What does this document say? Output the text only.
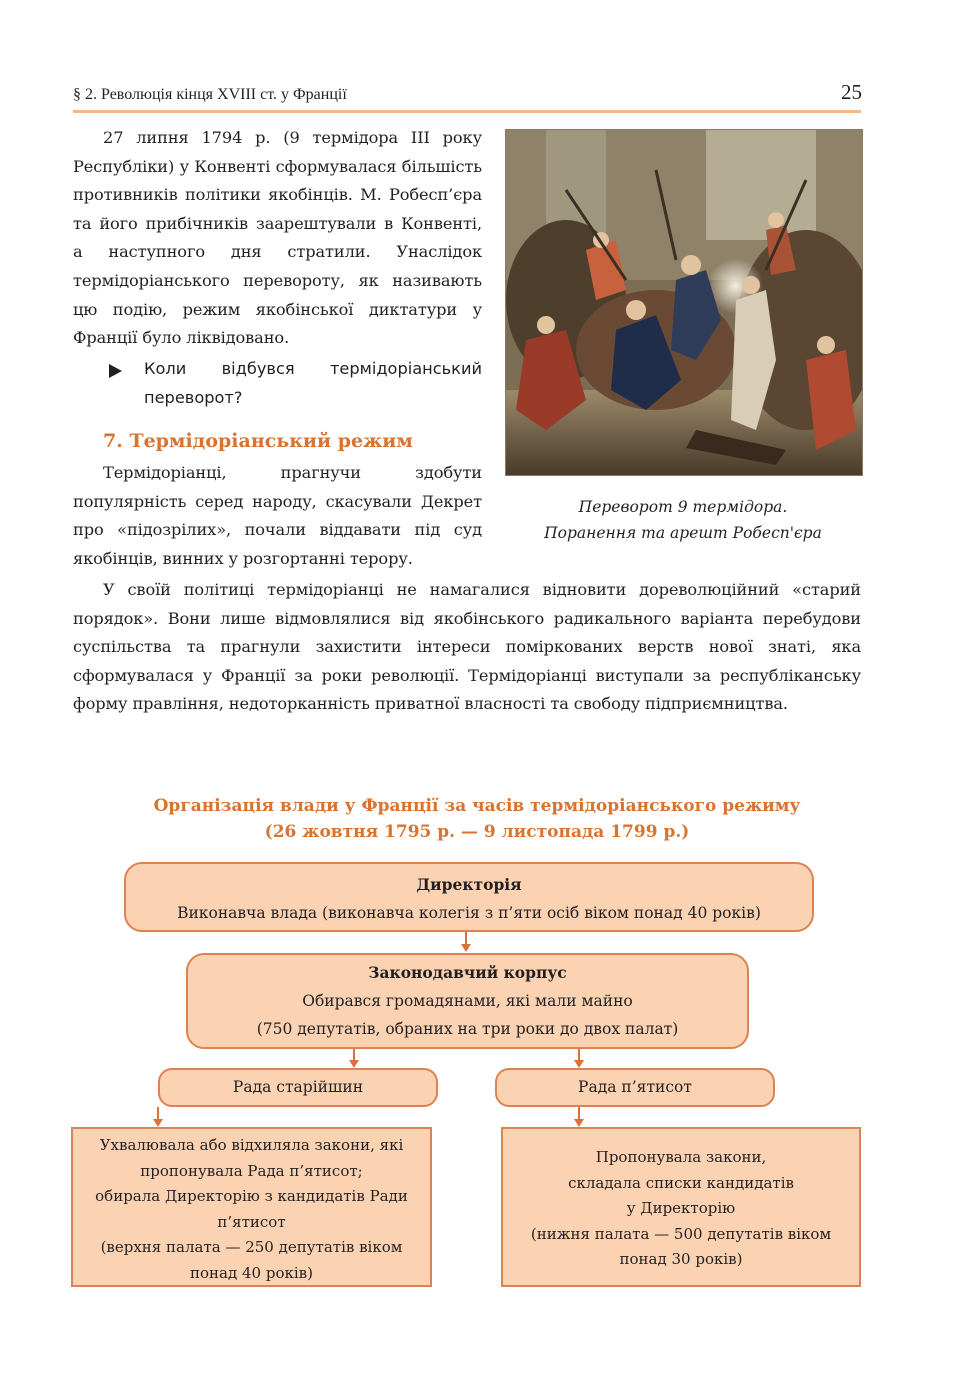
§ 2. Революція кінця XVIII ст. у Франції	25

27 липня 1794 р. (9 термідора III року Республіки) у Конвенті сформувалася більшість противників політики якобінців. М. Робесп’єра та його прибічників заарештували в Конвенті, а наступного дня стратили. Унаслідок термідоріанського перевороту, як називають цю подію, режим якобінської диктатури у Франції було ліквідовано.

Коли відбувся термідоріанський переворот?
7. Термідоріанський режим

Термідоріанці, прагнучи здобути популярність серед народу, скасували Декрет про «підозрілих», почали віддавати під суд якобінців, винних у розгортанні терору.

У своїй політиці термідоріанці не намагалися відновити дореволюційний «старий порядок». Вони лише відмовлялися від якобінського радикального варіанта перебудови суспільства та прагнули захистити інтереси поміркованих верств нової знаті, яка сформувалася у Франції за роки революції. Термідоріанці виступали за республіканську форму правління, недоторканність приватної власності та свободу підприємництва.

Переворот 9 термідора.
Поранення та арешт Робесп'єра
Організація влади у Франції за часів термідоріанського режиму
(26 жовтня 1795 р. — 9 листопада 1799 р.)
Директорія
Виконавча влада (виконавча колегія з п’яти осіб віком понад 40 років)
Законодавчий корпус
Обирався громадянами, які мали майно
(750 депутатів, обраних на три роки до двох палат)
Рада старійшин	Рада п’ятисот
Ухвалювала або відхиляла закони, які
пропонувала Рада п’ятисот;
обирала Директорію з кандидатів Ради
п’ятисот
(верхня палата — 250 депутатів віком
понад 40 років)
Пропонувала закони,
складала списки кандидатів
у Директорію
(нижня палата — 500 депутатів віком
понад 30 років)
